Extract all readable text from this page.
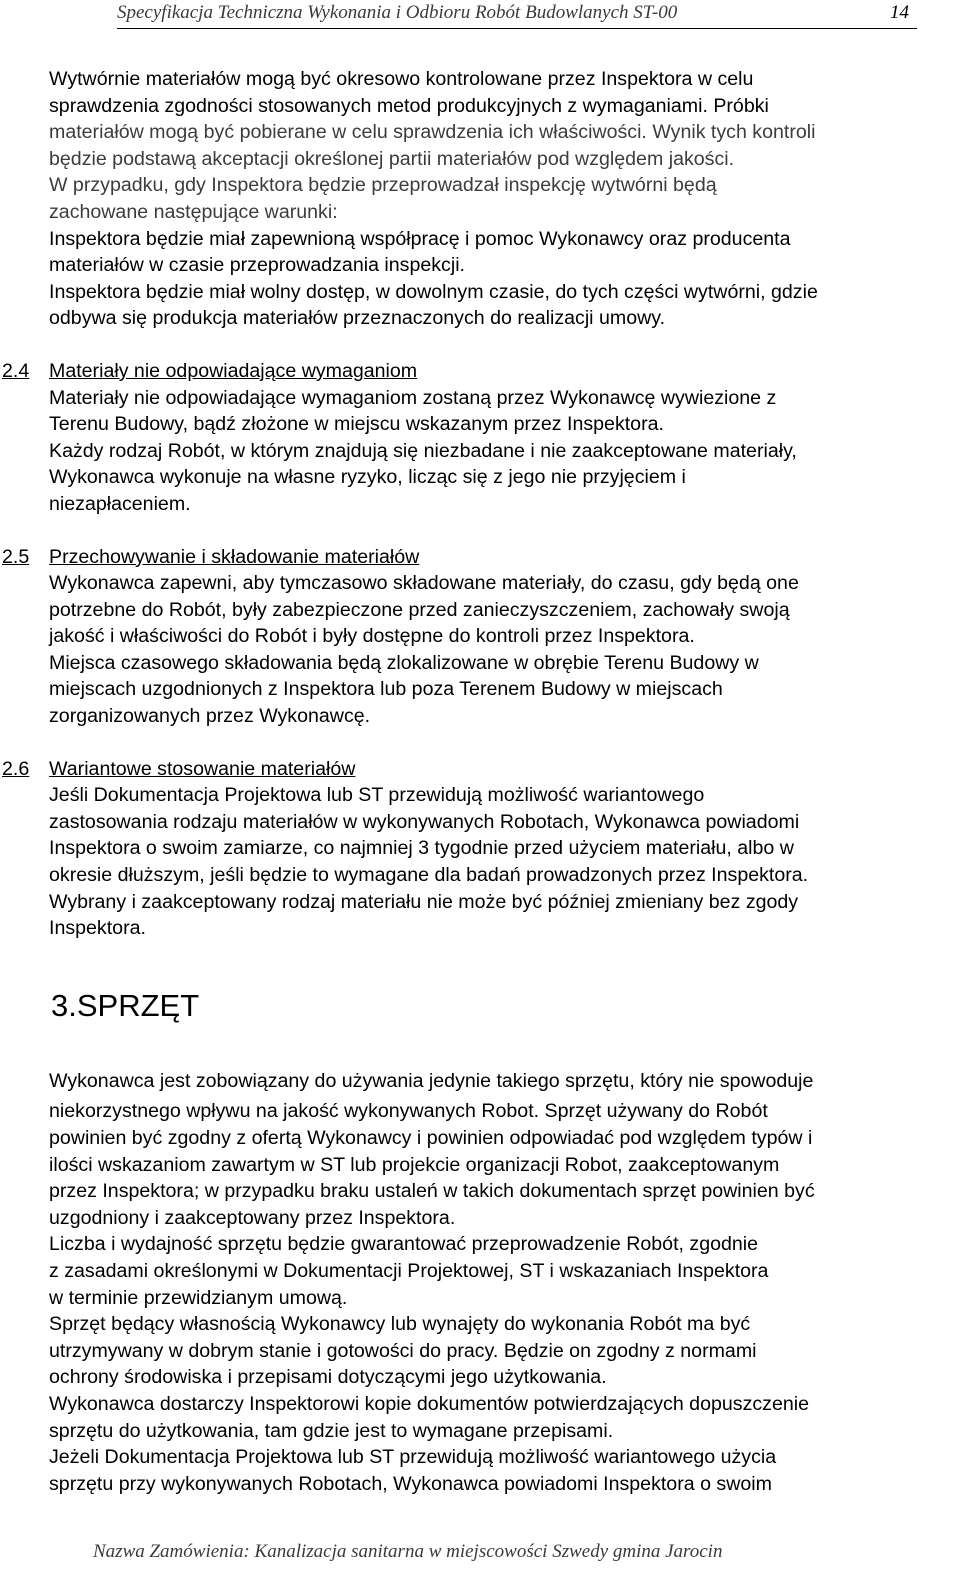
Specyfikacja Techniczna Wykonania i Odbioru Robót Budowlanych ST-00	14

Wytwórnie materiałów mogą być okresowo kontrolowane przez Inspektora w celu

sprawdzenia zgodności stosowanych metod produkcyjnych z wymaganiami. Próbki

materiałów mogą być pobierane w celu sprawdzenia ich właściwości. Wynik tych kontroli

będzie podstawą akceptacji określonej partii materiałów pod względem jakości.

W przypadku, gdy Inspektora będzie przeprowadzał inspekcję wytwórni będą

zachowane następujące warunki:

Inspektora będzie miał zapewnioną współpracę i pomoc Wykonawcy oraz producenta

materiałów w czasie przeprowadzania inspekcji.

Inspektora będzie miał wolny dostęp, w dowolnym czasie, do tych części wytwórni, gdzie

odbywa się produkcja materiałów przeznaczonych do realizacji umowy.

2.4 Materiały nie odpowiadające wymaganiom

Materiały nie odpowiadające wymaganiom zostaną przez Wykonawcę wywiezione z

Terenu Budowy, bądź złożone w miejscu wskazanym przez Inspektora.

Każdy rodzaj Robót, w którym znajdują się niezbadane i nie zaakceptowane materiały,

Wykonawca wykonuje na własne ryzyko, licząc się z jego nie przyjęciem i

niezapłaceniem.

2.5 Przechowywanie i składowanie materiałów

Wykonawca zapewni, aby tymczasowo składowane materiały, do czasu, gdy będą one

potrzebne do Robót, były zabezpieczone przed zanieczyszczeniem, zachowały swoją

jakość i właściwości do Robót i były dostępne do kontroli przez Inspektora.

Miejsca czasowego składowania będą zlokalizowane w obrębie Terenu Budowy w

miejscach uzgodnionych z Inspektora lub poza Terenem Budowy w miejscach

zorganizowanych przez Wykonawcę.

2.6 Wariantowe stosowanie materiałów

Jeśli Dokumentacja Projektowa lub ST przewidują możliwość wariantowego

zastosowania rodzaju materiałów w wykonywanych Robotach, Wykonawca powiadomi

Inspektora o swoim zamiarze, co najmniej 3 tygodnie przed użyciem materiału, albo w

okresie dłuższym, jeśli będzie to wymagane dla badań prowadzonych przez Inspektora.

Wybrany i zaakceptowany rodzaj materiału nie może być później zmieniany bez zgody

Inspektora.

3.SPRZĘT

Wykonawca jest zobowiązany do używania jedynie takiego sprzętu, który nie spowoduje

niekorzystnego wpływu na jakość wykonywanych Robot. Sprzęt używany do Robót

powinien być zgodny z ofertą Wykonawcy i powinien odpowiadać pod względem typów i

ilości wskazaniom zawartym w ST lub projekcie organizacji Robot, zaakceptowanym

przez Inspektora; w przypadku braku ustaleń w takich dokumentach sprzęt powinien być

uzgodniony i zaakceptowany przez Inspektora.

Liczba i wydajność sprzętu będzie gwarantować przeprowadzenie Robót, zgodnie

z zasadami określonymi w Dokumentacji Projektowej, ST i wskazaniach Inspektora

w terminie przewidzianym umową.

Sprzęt będący własnością Wykonawcy lub wynajęty do wykonania Robót ma być

utrzymywany w dobrym stanie i gotowości do pracy. Będzie on zgodny z normami

ochrony środowiska i przepisami dotyczącymi jego użytkowania.

Wykonawca dostarczy Inspektorowi kopie dokumentów potwierdzających dopuszczenie

sprzętu do użytkowania, tam gdzie jest to wymagane przepisami.

Jeżeli Dokumentacja Projektowa lub ST przewidują możliwość wariantowego użycia

sprzętu przy wykonywanych Robotach, Wykonawca powiadomi Inspektora o swoim

Nazwa Zamówienia: Kanalizacja sanitarna w miejscowości Szwedy gmina Jarocin
